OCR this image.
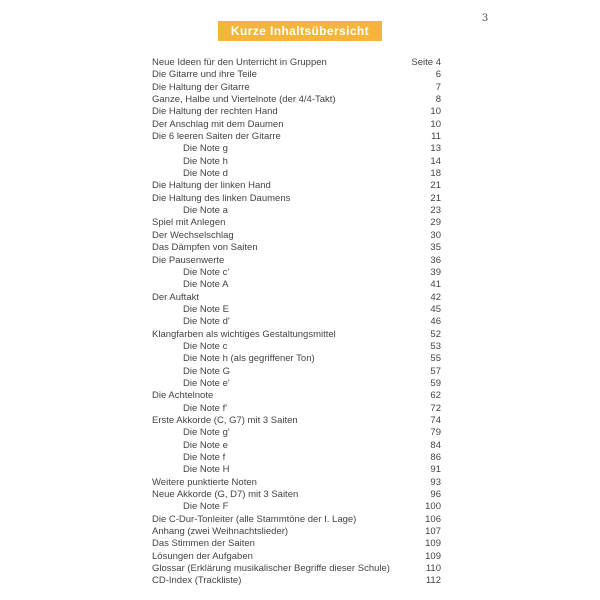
3
Kurze Inhaltsübersicht
Neue Ideen für den Unterricht in Gruppen	Seite 4
Die Gitarre und ihre Teile	6
Die Haltung der Gitarre	7
Ganze, Halbe und Viertelnote (der 4/4-Takt)	8
Die Haltung der rechten Hand	10
Der Anschlag mit dem Daumen	10
Die 6 leeren Saiten der Gitarre	11
Die Note g	13
Die Note h	14
Die Note d	18
Die Haltung der linken Hand	21
Die Haltung des linken Daumens	21
Die Note a	23
Spiel mit Anlegen	29
Der Wechselschlag	30
Das Dämpfen von Saiten	35
Die Pausenwerte	36
Die Note c'	39
Die Note A	41
Der Auftakt	42
Die Note E	45
Die Note d'	46
Klangfarben als wichtiges Gestaltungsmittel	52
Die Note c	53
Die Note h (als gegriffener Ton)	55
Die Note G	57
Die Note e'	59
Die Achtelnote	62
Die Note f'	72
Erste Akkorde (C, G7) mit 3 Saiten	74
Die Note g'	79
Die Note e	84
Die Note f	86
Die Note H	91
Weitere punktierte Noten	93
Neue Akkorde (G, D7) mit 3 Saiten	96
Die Note F	100
Die C-Dur-Tonleiter (alle Stammtöne der I. Lage)	106
Anhang (zwei Weihnachtslieder)	107
Das Stimmen der Saiten	109
Lösungen der Aufgaben	109
Glossar (Erklärung musikalischer Begriffe dieser Schule)	110
CD-Index (Trackliste)	112
